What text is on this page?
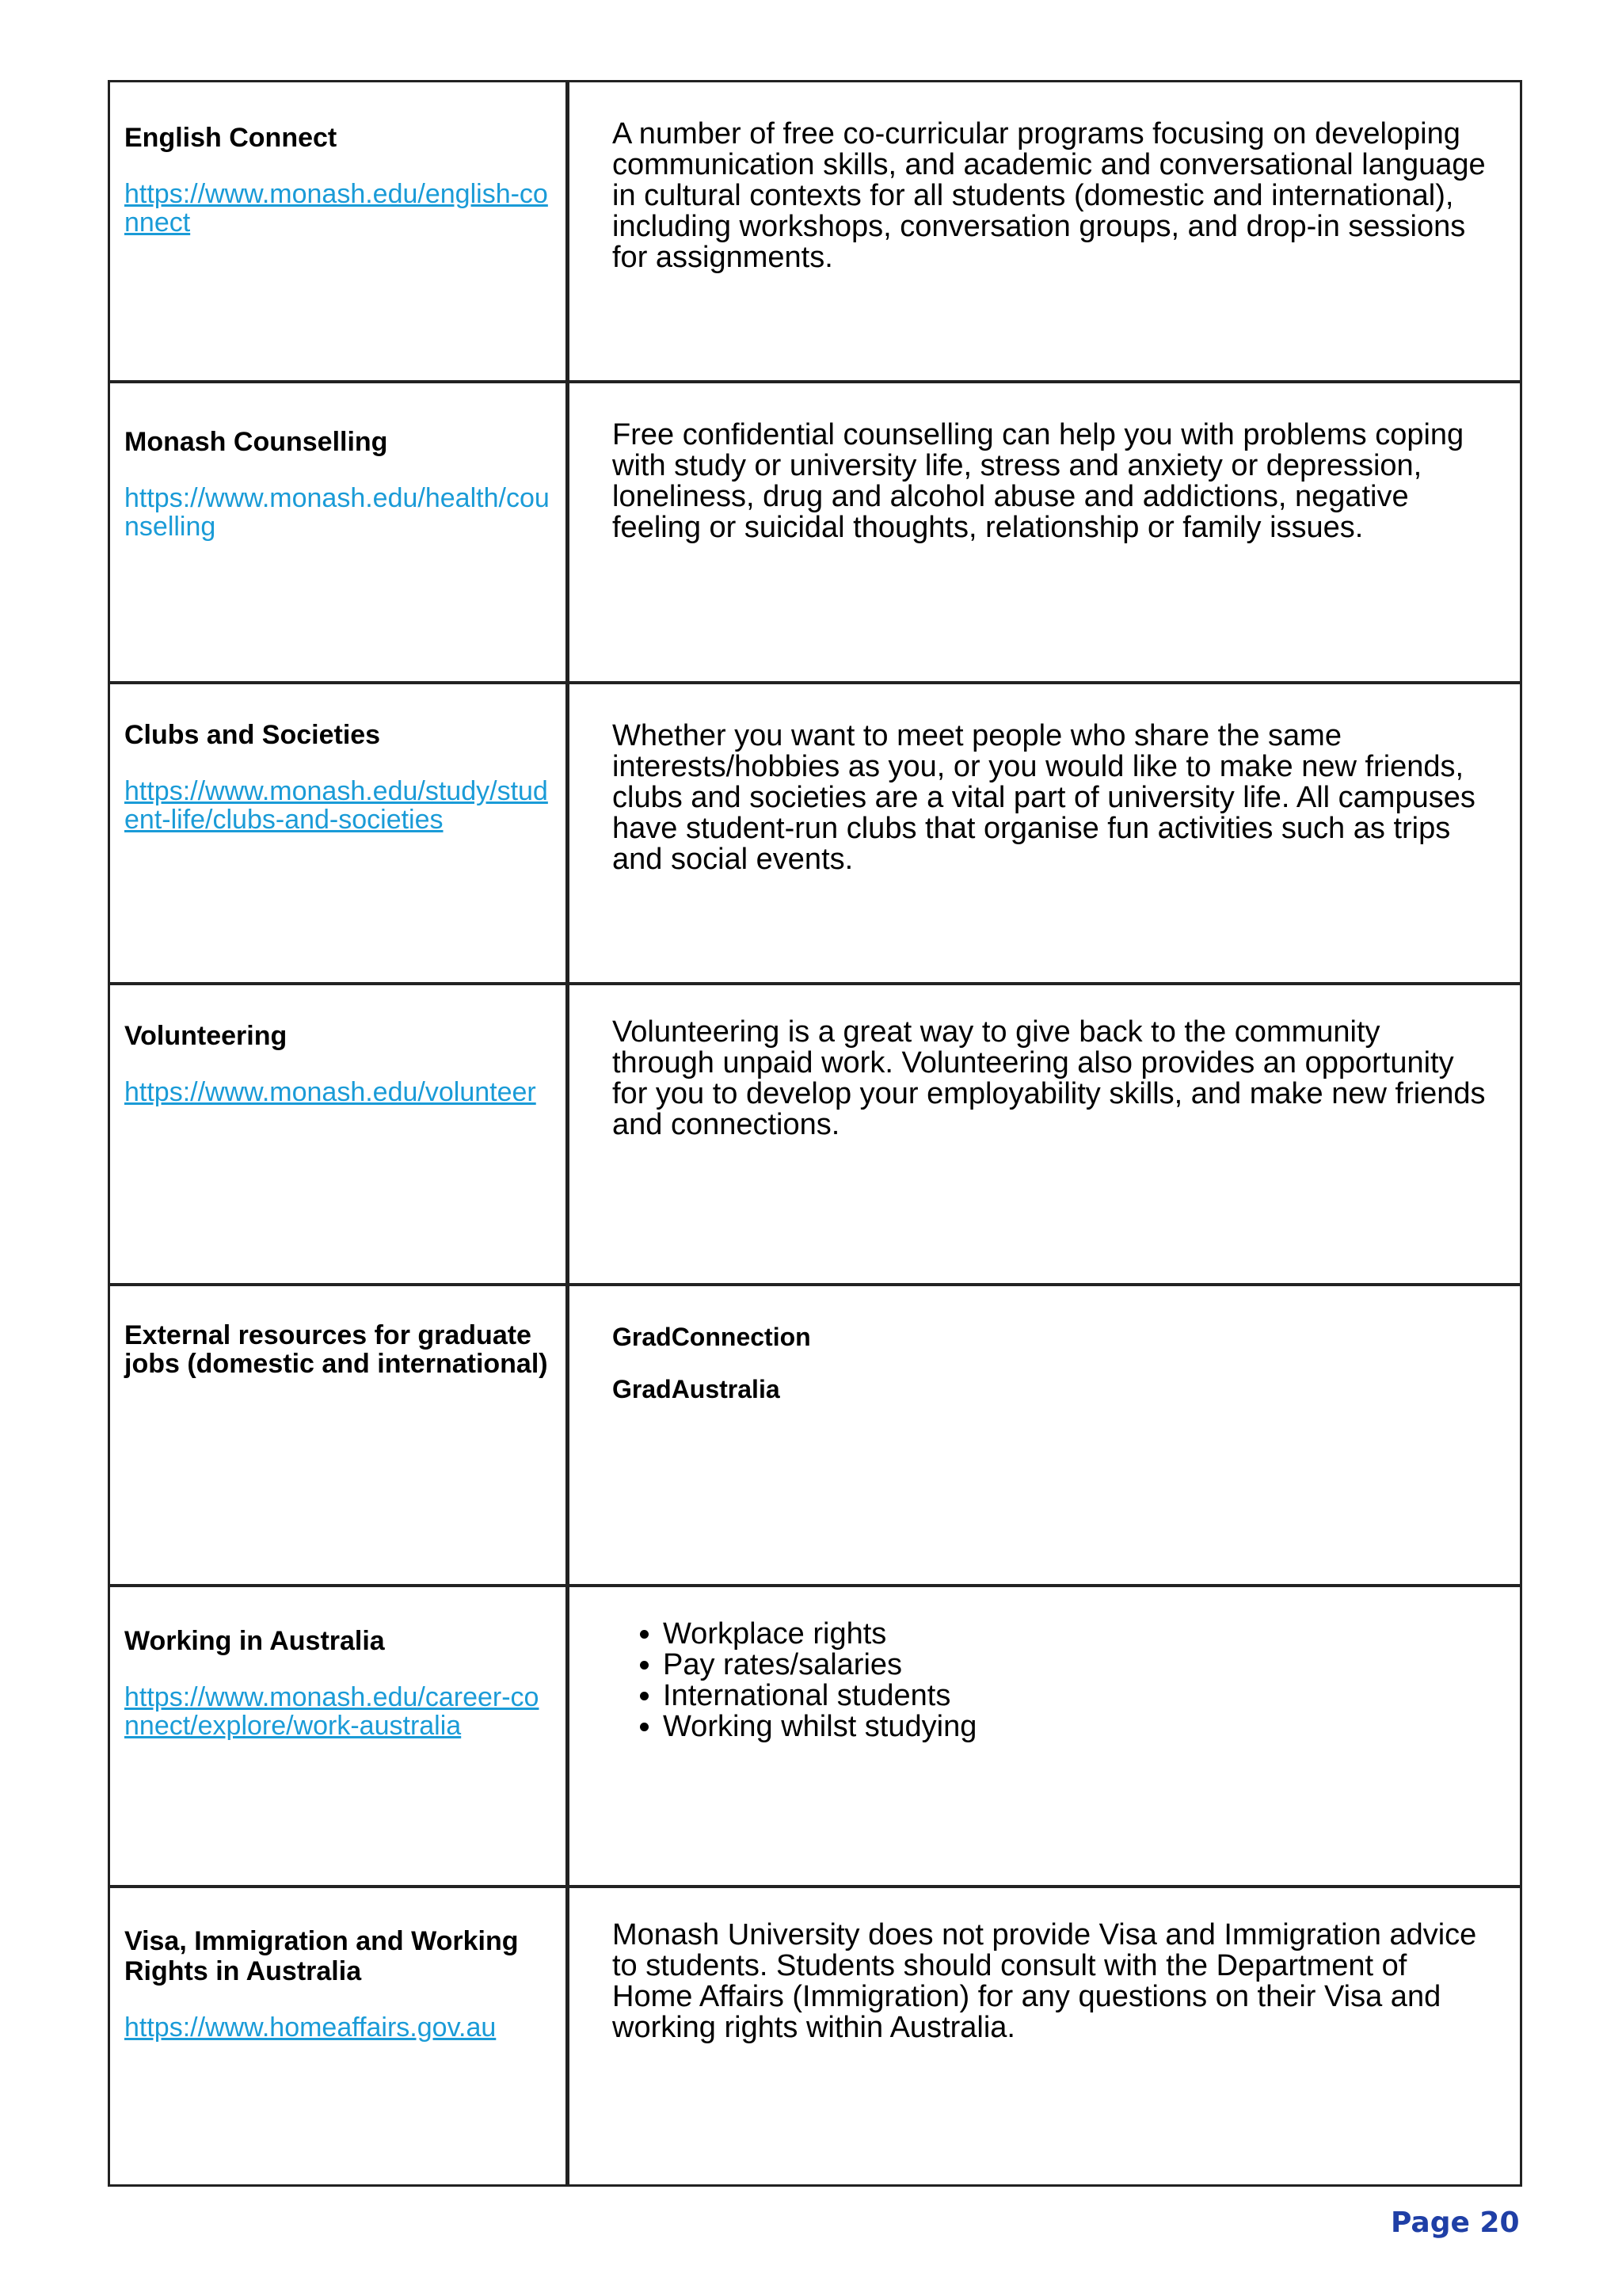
English Connect

https://www.monash.edu/english-connect

A number of free co-curricular programs focusing on developing communication skills, and academic and conversational language in cultural contexts for all students (domestic and international), including workshops, conversation groups, and drop-in sessions for assignments.

Monash Counselling

https://www.monash.edu/health/counselling

Free confidential counselling can help you with problems coping with study or university life, stress and anxiety or depression, loneliness, drug and alcohol abuse and addictions, negative feeling or suicidal thoughts, relationship or family issues.

Clubs and Societies

https://www.monash.edu/study/student-life/clubs-and-societies

Whether you want to meet people who share the same interests/hobbies as you, or you would like to make new friends, clubs and societies are a vital part of university life. All campuses have student-run clubs that organise fun activities such as trips and social events.

Volunteering

https://www.monash.edu/volunteer

Volunteering is a great way to give back to the community through unpaid work. Volunteering also provides an opportunity for you to develop your employability skills, and make new friends and connections.

External resources for graduate jobs (domestic and international)

GradConnection

GradAustralia

Working in Australia

https://www.monash.edu/career-connect/explore/work-australia
• Workplace rights
• Pay rates/salaries
• International students
• Working whilst studying

Visa, Immigration and Working Rights in Australia

https://www.homeaffairs.gov.au

Monash University does not provide Visa and Immigration advice to students. Students should consult with the Department of Home Affairs (Immigration) for any questions on their Visa and working rights within Australia.

Page 20
